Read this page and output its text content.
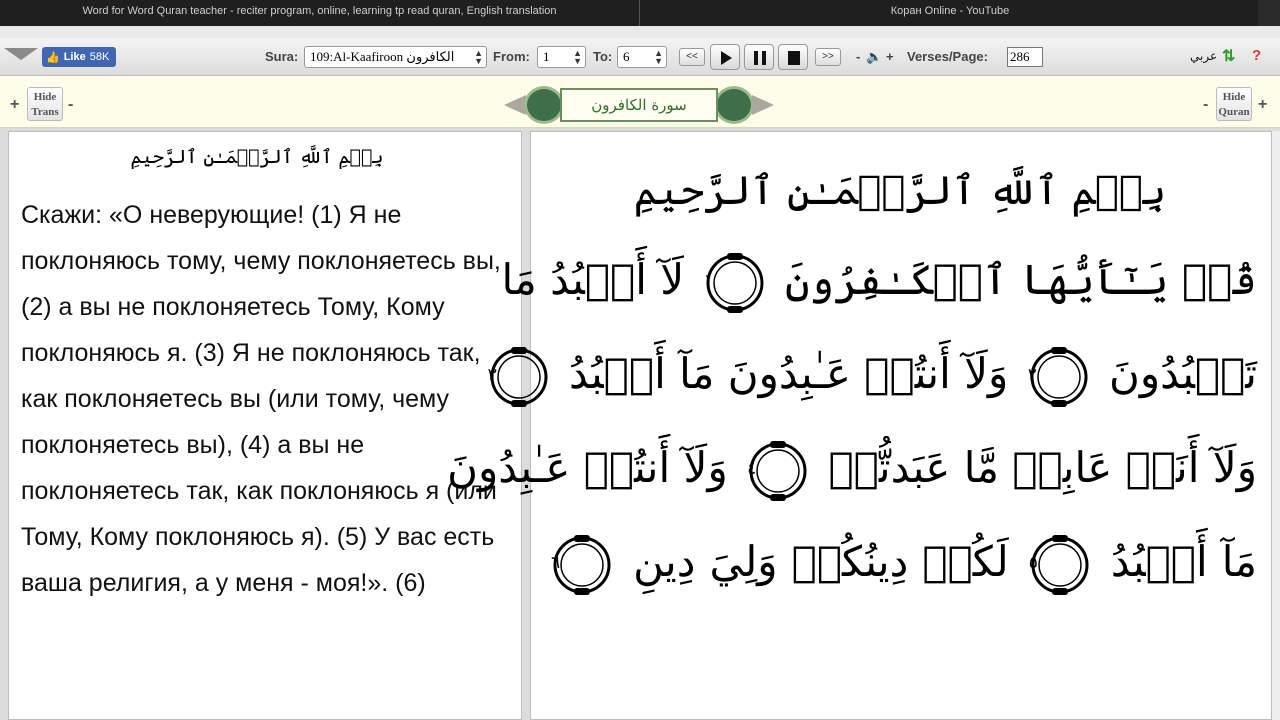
Word for Word Quran teacher - reciter program, online, learning tp read quran, English translation	Коран Online - YouTube
👍 Like 58K	Sura: 109:Al-Kaafiroon الكافرون ▲
▼ From:	1	▲
▼ To: 6	▲
▼	<<	>>	- 🔈 + Verses/Page: 286	عربي ⇅ ?
+	Hide Trans -	سورة الكافرون	-	Hide Quran +
بِسۡمِ ٱللَّهِ ٱلرَّحۡمَـٰنِ ٱلرَّحِيمِ
Скажи: «О неверующие! (1) Я не поклоняюсь тому, чему поклоняетесь вы, (2) а вы не поклоняетесь Тому, Кому поклоняюсь я. (3) Я не поклоняюсь так, как поклоняетесь вы (или тому, чему поклоняетесь вы), (4) а вы не поклоняетесь так, как поклоняюсь я (или Тому, Кому поклоняюсь я). (5) У вас есть ваша религия, а у меня - моя!». (6)
بِسۡمِ ٱللَّهِ ٱلرَّحۡمَـٰنِ ٱلرَّحِيمِ
قُلۡ يَـٰٓأَيُّهَا ٱلۡكَـٰفِرُونَ
١
لَآ أَعۡبُدُ مَا
تَعۡبُدُونَ
٢
وَلَآ أَنتُمۡ عَـٰبِدُونَ مَآ أَعۡبُدُ
٣
وَلَآ أَنَا۠ عَابِدٞ مَّا عَبَدتُّمۡ
٤
وَلَآ أَنتُمۡ عَـٰبِدُونَ
مَآ أَعۡبُدُ
٥
لَكُمۡ دِينُكُمۡ وَلِيَ دِينِ
٦
